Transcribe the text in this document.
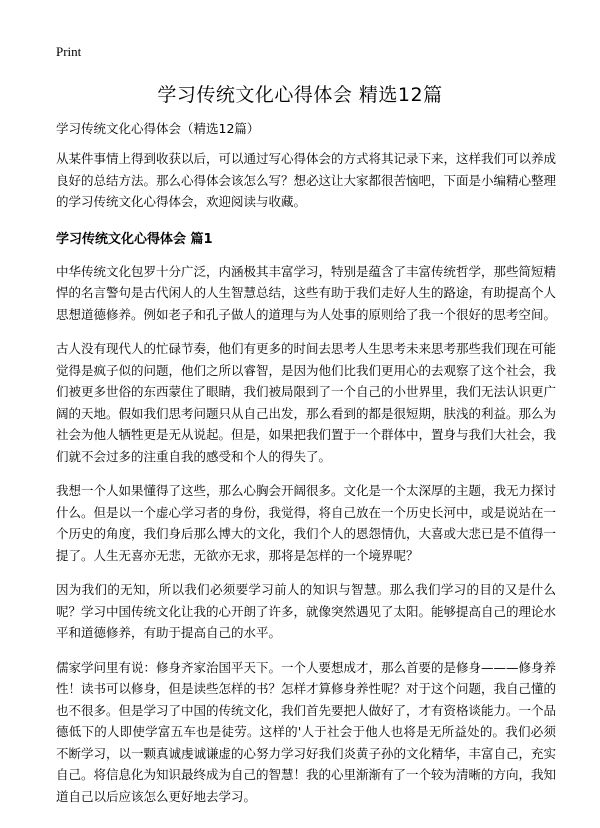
Print
学习传统文化心得体会 精选12篇
学习传统文化心得体会（精选12篇）

从某件事情上得到收获以后，可以通过写心得体会的方式将其记录下来，这样我们可以养成良好的总结方法。那么心得体会该怎么写？想必这让大家都很苦恼吧，下面是小编精心整理的学习传统文化心得体会，欢迎阅读与收藏。

学习传统文化心得体会 篇1

中华传统文化包罗十分广泛，内涵极其丰富学习，特别是蕴含了丰富传统哲学，那些简短精悍的名言警句是古代闲人的人生智慧总结，这些有助于我们走好人生的路途，有助提高个人思想道德修养。例如老子和孔子做人的道理与为人处事的原则给了我一个很好的思考空间。

古人没有现代人的忙碌节奏，他们有更多的时间去思考人生思考未来思考那些我们现在可能觉得是疯子似的问题，他们之所以睿智，是因为他们比我们更用心的去观察了这个社会，我们被更多世俗的东西蒙住了眼睛，我们被局限到了一个自己的小世界里，我们无法认识更广阔的天地。假如我们思考问题只从自己出发，那么看到的都是很短期，肤浅的利益。那么为社会为他人牺牲更是无从说起。但是，如果把我们置于一个群体中，置身与我们大社会，我们就不会过多的注重自我的感受和个人的得失了。

我想一个人如果懂得了这些，那么心胸会开阔很多。文化是一个太深厚的主题，我无力探讨什么。但是以一个虚心学习者的身份，我觉得，将自己放在一个历史长河中，或是说站在一个历史的角度，我们身后那么博大的文化，我们个人的恩怨情仇，大喜或大悲已是不值得一提了。人生无喜亦无悲，无欲亦无求，那将是怎样的一个境界呢？

因为我们的无知，所以我们必须要学习前人的知识与智慧。那么我们学习的目的又是什么呢？学习中国传统文化让我的心开朗了许多，就像突然遇见了太阳。能够提高自己的理论水平和道德修养，有助于提高自己的水平。

儒家学问里有说：修身齐家治国平天下。一个人要想成才，那么首要的是修身———修身养性！读书可以修身，但是读些怎样的书？怎样才算修身养性呢？对于这个问题，我自己懂的也不很多。但是学习了中国的传统文化，我们首先要把人做好了，才有资格谈能力。一个品德低下的人即使学富五车也是徒劳。这样的'人于社会于他人也将是无所益处的。我们必须不断学习，以一颗真诚虔诚谦虚的心努力学习好我们炎黄子孙的文化精华，丰富自己，充实自己。将信息化为知识最终成为自己的智慧！我的心里渐渐有了一个较为清晰的方向，我知道自己以后应该怎么更好地去学习。
